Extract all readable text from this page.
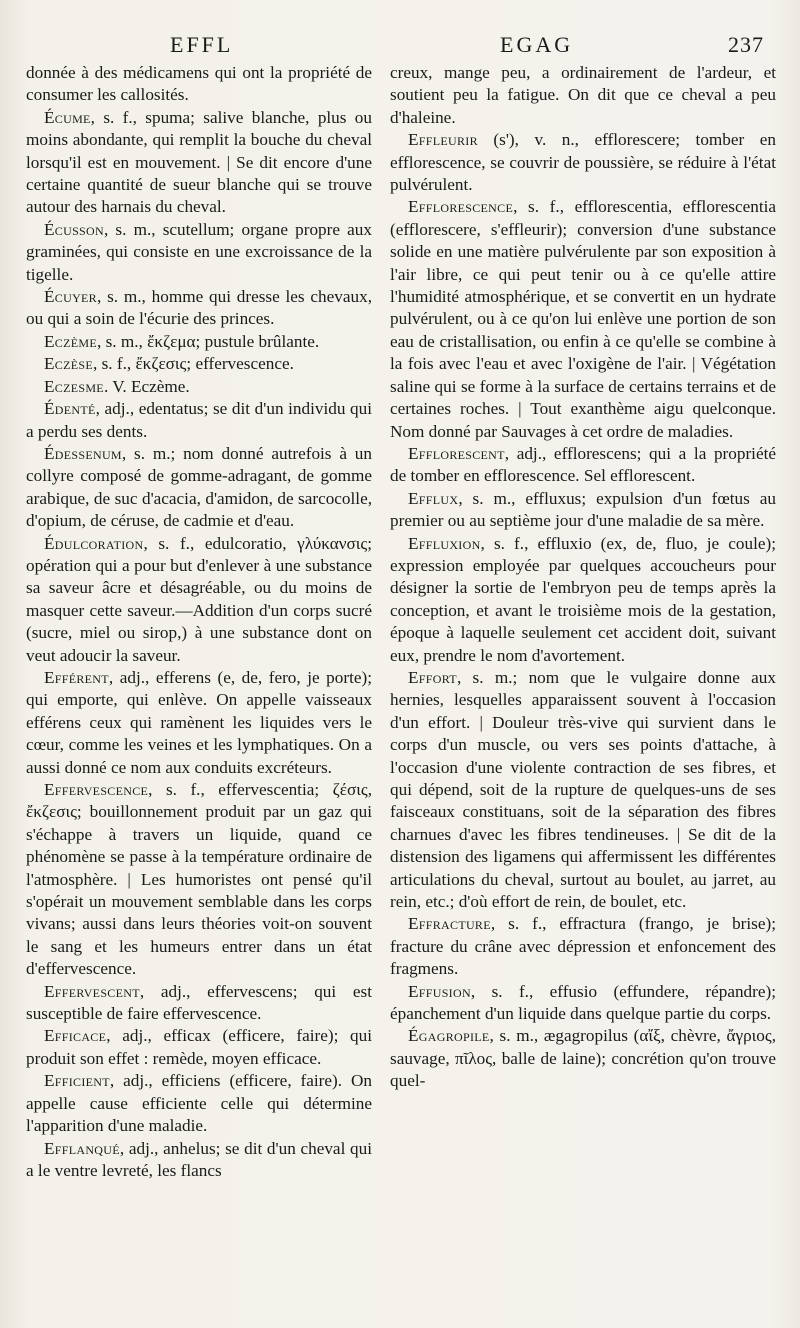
EFFL	EGAG	237

donnée à des médicamens qui ont la propriété de consumer les callosités.

Écume, s. f., spuma; salive blanche, plus ou moins abondante, qui remplit la bouche du cheval lorsqu'il est en mouvement. | Se dit encore d'une certaine quantité de sueur blanche qui se trouve autour des harnais du cheval.

Écusson, s. m., scutellum; organe propre aux graminées, qui consiste en une excroissance de la tigelle.

Écuyer, s. m., homme qui dresse les chevaux, ou qui a soin de l'écurie des princes.

Eczème, s. m., ἔκζεμα; pustule brûlante.

Eczèse, s. f., ἔκζεσις; effervescence.

Eczesme. V. Eczème.

Édenté, adj., edentatus; se dit d'un individu qui a perdu ses dents.

Édessenum, s. m.; nom donné autrefois à un collyre composé de gomme-adragant, de gomme arabique, de suc d'acacia, d'amidon, de sarcocolle, d'opium, de céruse, de cadmie et d'eau.

Édulcoration, s. f., edulcoratio, γλύκανσις; opération qui a pour but d'enlever à une substance sa saveur âcre et désagréable, ou du moins de masquer cette saveur.—Addition d'un corps sucré (sucre, miel ou sirop,) à une substance dont on veut adoucir la saveur.

Efférent, adj., efferens (e, de, fero, je porte); qui emporte, qui enlève. On appelle vaisseaux efférens ceux qui ramènent les liquides vers le cœur, comme les veines et les lymphatiques. On a aussi donné ce nom aux conduits excréteurs.

Effervescence, s. f., effervescentia; ζέσις, ἔκζεσις; bouillonnement produit par un gaz qui s'échappe à travers un liquide, quand ce phénomène se passe à la température ordinaire de l'atmosphère. | Les humoristes ont pensé qu'il s'opérait un mouvement semblable dans les corps vivans; aussi dans leurs théories voit-on souvent le sang et les humeurs entrer dans un état d'effervescence.

Effervescent, adj., effervescens; qui est susceptible de faire effervescence.

Efficace, adj., efficax (efficere, faire); qui produit son effet : remède, moyen efficace.

Efficient, adj., efficiens (efficere, faire). On appelle cause efficiente celle qui détermine l'apparition d'une maladie.

Efflanqué, adj., anhelus; se dit d'un cheval qui a le ventre levreté, les flancs

creux, mange peu, a ordinairement de l'ardeur, et soutient peu la fatigue. On dit que ce cheval a peu d'haleine.

Effleurir (s'), v. n., efflorescere; tomber en efflorescence, se couvrir de poussière, se réduire à l'état pulvérulent.

Efflorescence, s. f., efflorescentia, efflorescentia (efflorescere, s'effleurir); conversion d'une substance solide en une matière pulvérulente par son exposition à l'air libre, ce qui peut tenir ou à ce qu'elle attire l'humidité atmosphérique, et se convertit en un hydrate pulvérulent, ou à ce qu'on lui enlève une portion de son eau de cristallisation, ou enfin à ce qu'elle se combine à la fois avec l'eau et avec l'oxigène de l'air. | Végétation saline qui se forme à la surface de certains terrains et de certaines roches. | Tout exanthème aigu quelconque. Nom donné par Sauvages à cet ordre de maladies.

Efflorescent, adj., efflorescens; qui a la propriété de tomber en efflorescence. Sel efflorescent.

Efflux, s. m., effluxus; expulsion d'un fœtus au premier ou au septième jour d'une maladie de sa mère.

Effluxion, s. f., effluxio (ex, de, fluo, je coule); expression employée par quelques accoucheurs pour désigner la sortie de l'embryon peu de temps après la conception, et avant le troisième mois de la gestation, époque à laquelle seulement cet accident doit, suivant eux, prendre le nom d'avortement.

Effort, s. m.; nom que le vulgaire donne aux hernies, lesquelles apparaissent souvent à l'occasion d'un effort. | Douleur très-vive qui survient dans le corps d'un muscle, ou vers ses points d'attache, à l'occasion d'une violente contraction de ses fibres, et qui dépend, soit de la rupture de quelques-uns de ses faisceaux constituans, soit de la séparation des fibres charnues d'avec les fibres tendineuses. | Se dit de la distension des ligamens qui affermissent les différentes articulations du cheval, surtout au boulet, au jarret, au rein, etc.; d'où effort de rein, de boulet, etc.

Effracture, s. f., effractura (frango, je brise); fracture du crâne avec dépression et enfoncement des fragmens.

Effusion, s. f., effusio (effundere, répandre); épanchement d'un liquide dans quelque partie du corps.

Égagropile, s. m., ægagropilus (αἴξ, chèvre, ἄγριος, sauvage, πῖλος, balle de laine); concrétion qu'on trouve quel-
